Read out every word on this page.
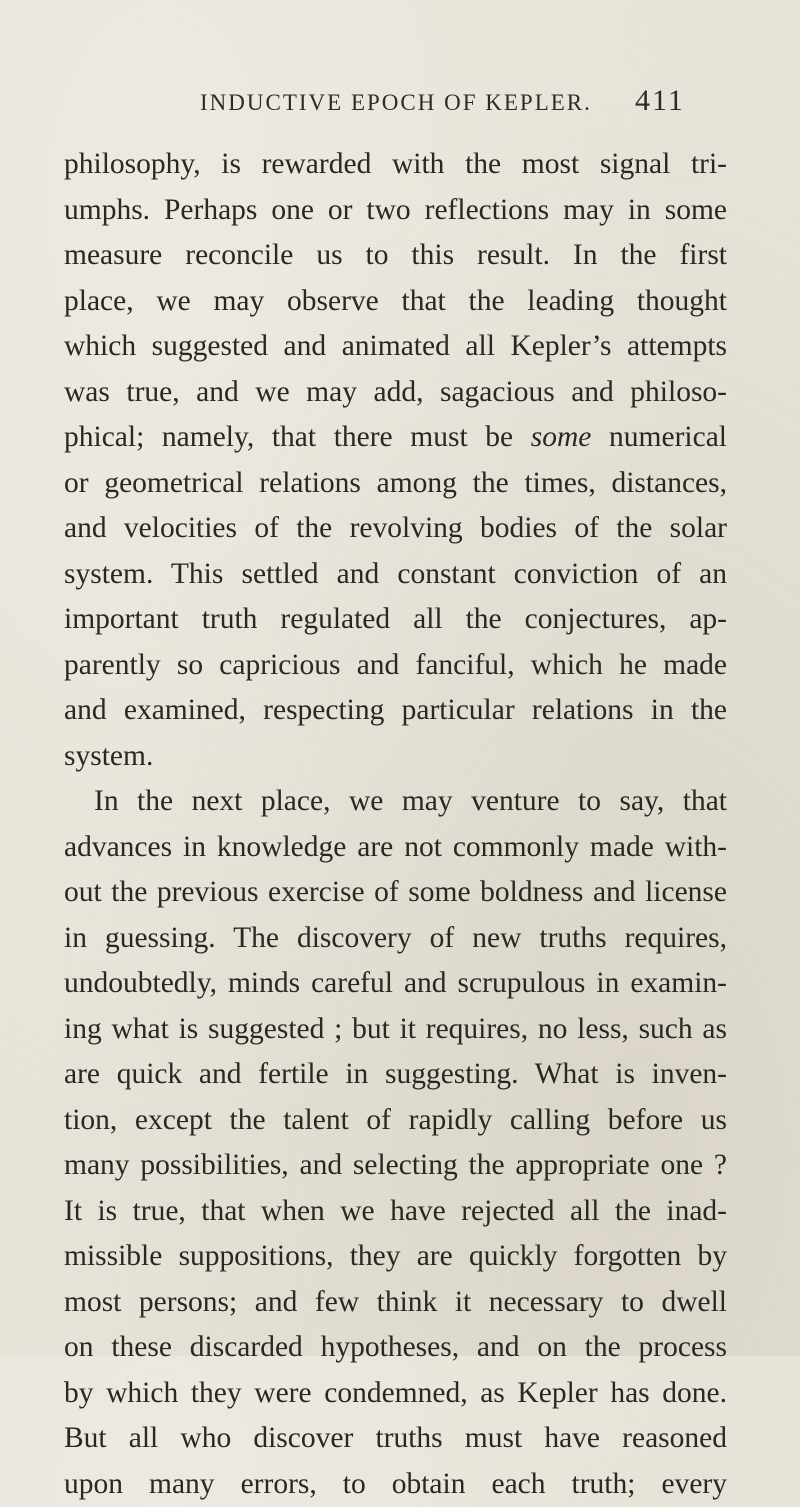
INDUCTIVE EPOCH OF KEPLER. 411
philosophy, is rewarded with the most signal tri-
umphs. Perhaps one or two reflections may in some
measure reconcile us to this result. In the first
place, we may observe that the leading thought
which suggested and animated all Kepler’s attempts
was true, and we may add, sagacious and philoso-
phical; namely, that there must be some numerical
or geometrical relations among the times, distances,
and velocities of the revolving bodies of the solar
system. This settled and constant conviction of an
important truth regulated all the conjectures, ap-
parently so capricious and fanciful, which he made
and examined, respecting particular relations in the
system.
In the next place, we may venture to say, that
advances in knowledge are not commonly made with-
out the previous exercise of some boldness and license
in guessing. The discovery of new truths requires,
undoubtedly, minds careful and scrupulous in examin-
ing what is suggested ; but it requires, no less, such as
are quick and fertile in suggesting. What is inven-
tion, except the talent of rapidly calling before us
many possibilities, and selecting the appropriate one ?
It is true, that when we have rejected all the inad-
missible suppositions, they are quickly forgotten by
most persons; and few think it necessary to dwell
on these discarded hypotheses, and on the process
by which they were condemned, as Kepler has done.
But all who discover truths must have reasoned
upon many errors, to obtain each truth; every
